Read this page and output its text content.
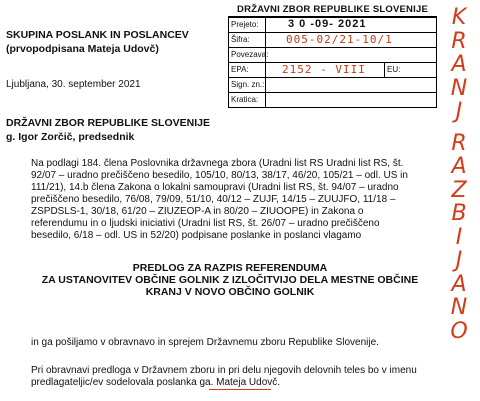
SKUPINA POSLANK IN POSLANCEV
(prvopodpisana Mateja Udovč)
Ljubljana, 30. september 2021
DRŽAVNI ZBOR REPUBLIKE SLOVENIJE
g. Igor Zorčič, predsednik
DRŽAVNI ZBOR REPUBLIKE SLOVENIJE
Prejeto:	3 0 -09- 2021
Šifra:	005-02/21-10/1
Povezava:
EPA:	2152 - VIII	EU:
Sign. zn.:
Kratica:
K
R
A
N
J
R
A
Z
B
I
J
A
N
O
Na podlagi 184. člena Poslovnika državnega zbora (Uradni list RS Uradni list RS, št.
92/07 – uradno prečiščeno besedilo, 105/10, 80/13, 38/17, 46/20, 105/21 – odl. US in
111/21), 14.b člena Zakona o lokalni samoupravi (Uradni list RS, št. 94/07 – uradno
prečiščeno besedilo, 76/08, 79/09, 51/10, 40/12 – ZUJF, 14/15 – ZUUJFO, 11/18 –
ZSPDSLS-1, 30/18, 61/20 – ZIUZEOP-A in 80/20 – ZIUOOPE) in Zakona o
referendumu in o ljudski iniciativi (Uradni list RS, št. 26/07 – uradno prečiščeno
besedilo, 6/18 – odl. US in 52/20) podpisane poslanke in poslanci vlagamo
PREDLOG ZA RAZPIS REFERENDUMA
ZA USTANOVITEV OBČINE GOLNIK Z IZLOČITVIJO DELA MESTNE OBČINE
KRANJ V NOVO OBČINO GOLNIK
in ga pošiljamo v obravnavo in sprejem Državnemu zboru Republike Slovenije.
Pri obravnavi predloga v Državnem zboru in pri delu njegovih delovnih teles bo v imenu
predlagateljic/ev sodelovala poslanka ga. Mateja Udovč.
